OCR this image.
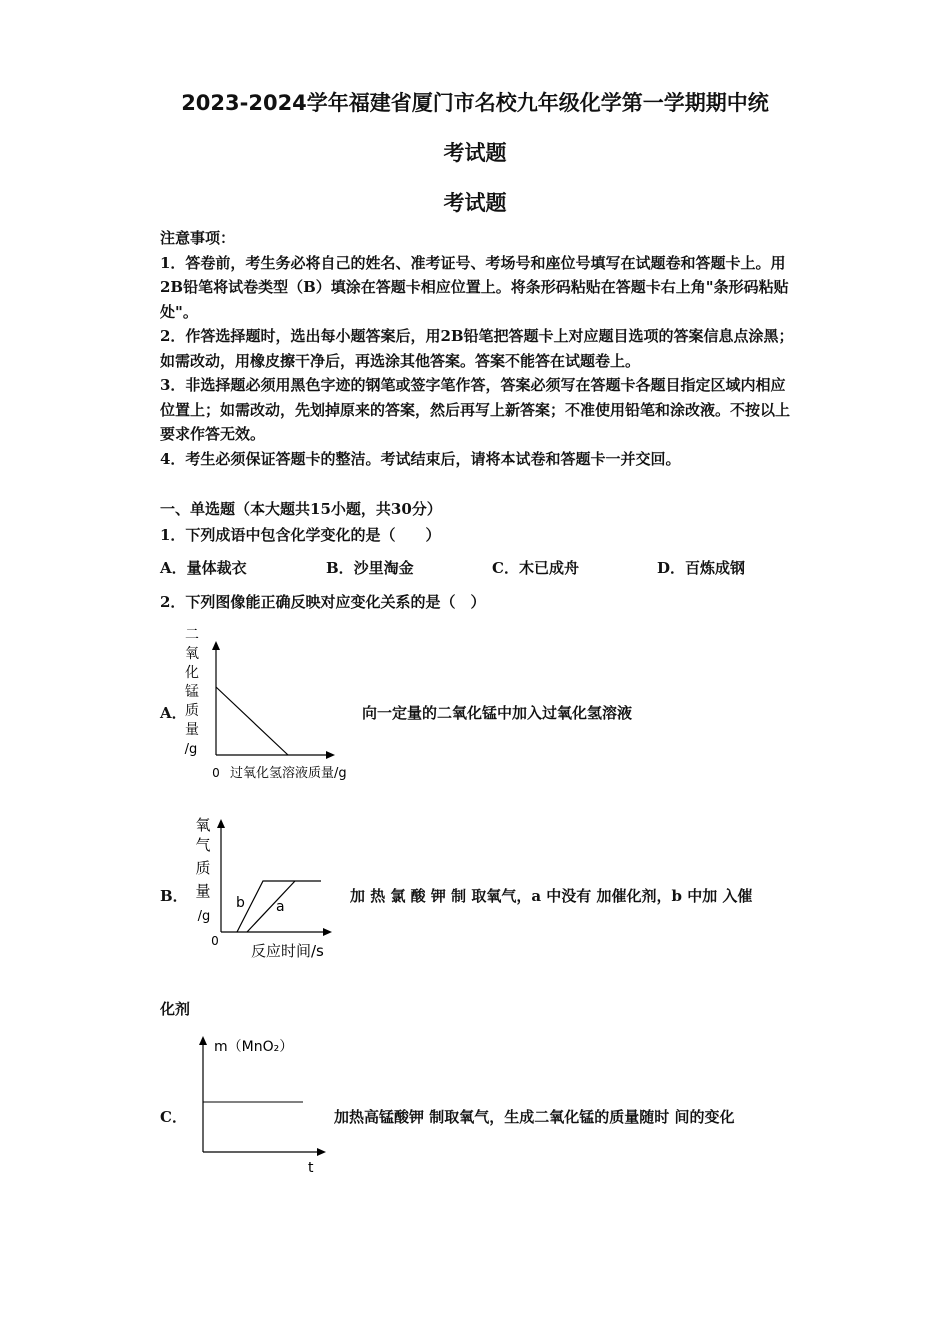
2023-2024学年福建省厦门市名校九年级化学第一学期期中统
考试题
考试题

注意事项：

1．答卷前，考生务必将自己的姓名、准考证号、考场号和座位号填写在试题卷和答题卡上。用2B铅笔将试卷类型（B）填涂在答题卡相应位置上。将条形码粘贴在答题卡右上角"条形码粘贴处"。

2．作答选择题时，选出每小题答案后，用2B铅笔把答题卡上对应题目选项的答案信息点涂黑；如需改动，用橡皮擦干净后，再选涂其他答案。答案不能答在试题卷上。

3．非选择题必须用黑色字迹的钢笔或签字笔作答，答案必须写在答题卡各题目指定区域内相应位置上；如需改动，先划掉原来的答案，然后再写上新答案；不准使用铅笔和涂改液。不按以上要求作答无效。

4．考生必须保证答题卡的整洁。考试结束后，请将本试卷和答题卡一并交回。

一、单选题（本大题共15小题，共30分）
1．下列成语中包含化学变化的是（　　）
A．量体裁衣	B．沙里淘金	C．木已成舟	D．百炼成钢
2．下列图像能正确反映对应变化关系的是（　）
A．
二
氧
化
锰
质
量
/g
0 过氧化氢溶液质量/g
向一定量的二氧化锰中加入过氧化氢溶液
B．
氧
气
质
量
/g
b a
0
反应时间/s
加 热 氯 酸 钾 制 取氧气，a 中没有 加催化剂，b 中加 入催
化剂
C．
m（MnO₂）
t
加热高锰酸钾 制取氧气，生成二氧化锰的质量随时 间的变化
